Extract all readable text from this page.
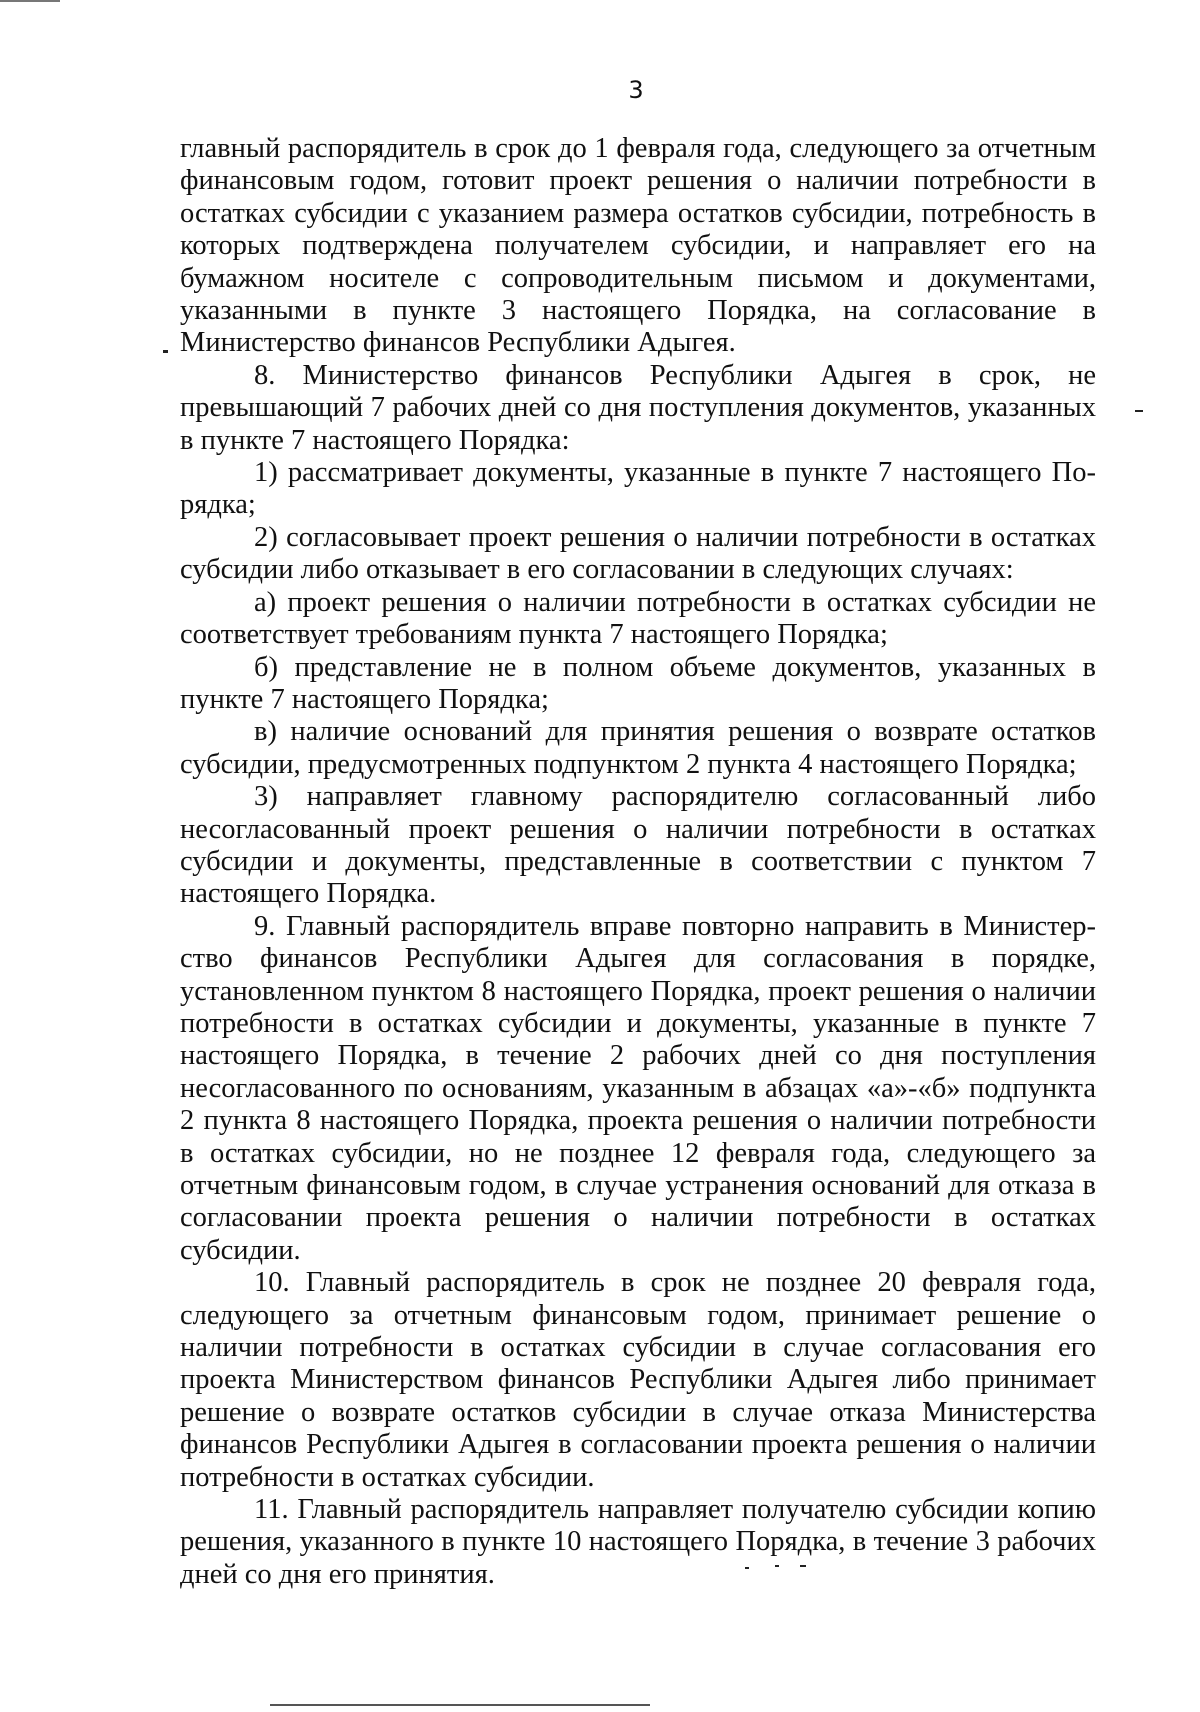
3

главный распорядитель в срок до 1 февраля года, следующего за отчетным финансовым годом, готовит проект решения о наличии потребности в остатках субсидии с указанием размера остатков субсидии, потребность в которых подтверждена получателем субсидии, и направляет его на бумажном носителе с сопроводительным письмом и документами, указанными в пункте 3 настоящего Порядка, на согласование в Министерство финансов Республики Адыгея.

8. Министерство финансов Республики Адыгея в срок, не превышающий 7 рабочих дней со дня поступления документов, указанных в пункте 7 настоящего Порядка:

1) рассматривает документы, указанные в пункте 7 настоящего Порядка;

2) согласовывает проект решения о наличии потребности в остатках субсидии либо отказывает в его согласовании в следующих случаях:

а) проект решения о наличии потребности в остатках субсидии не соответствует требованиям пункта 7 настоящего Порядка;

б) представление не в полном объеме документов, указанных в пункте 7 настоящего Порядка;

в) наличие оснований для принятия решения о возврате остатков субсидии, предусмотренных подпунктом 2 пункта 4 настоящего Порядка;

3) направляет главному распорядителю согласованный либо несогласованный проект решения о наличии потребности в остатках субсидии и документы, представленные в соответствии с пунктом 7 настоящего Порядка.

9. Главный распорядитель вправе повторно направить в Министерство финансов Республики Адыгея для согласования в порядке, установленном пунктом 8 настоящего Порядка, проект решения о наличии потребности в остатках субсидии и документы, указанные в пункте 7 настоящего Порядка, в течение 2 рабочих дней со дня поступления несогласованного по основаниям, указанным в абзацах «а»-«б» подпункта 2 пункта 8 настоящего Порядка, проекта решения о наличии потребности в остатках субсидии, но не позднее 12 февраля года, следующего за отчетным финансовым годом, в случае устранения оснований для отказа в согласовании проекта решения о наличии потребности в остатках субсидии.

10. Главный распорядитель в срок не позднее 20 февраля года, следующего за отчетным финансовым годом, принимает решение о наличии потребности в остатках субсидии в случае согласования его проекта Министерством финансов Республики Адыгея либо принимает решение о возврате остатков субсидии в случае отказа Министерства финансов Республики Адыгея в согласовании проекта решения о наличии потребности в остатках субсидии.

11. Главный распорядитель направляет получателю субсидии копию решения, указанного в пункте 10 настоящего Порядка, в течение 3 рабочих дней со дня его принятия.
